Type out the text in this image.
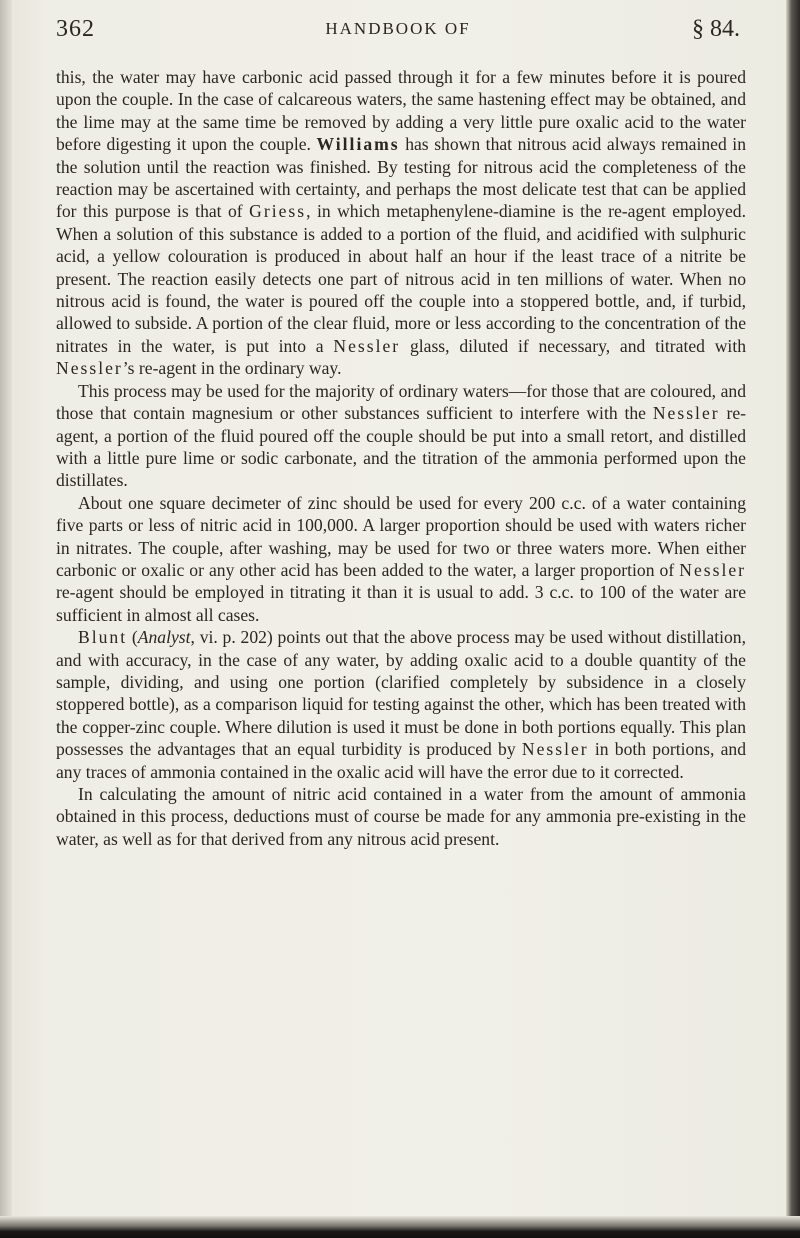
362	HANDBOOK OF	§ 84.

this, the water may have carbonic acid passed through it for a few minutes before it is poured upon the couple. In the case of calcareous waters, the same hastening effect may be obtained, and the lime may at the same time be removed by adding a very little pure oxalic acid to the water before digesting it upon the couple. Williams has shown that nitrous acid always remained in the solution until the reaction was finished. By testing for nitrous acid the completeness of the reaction may be ascertained with certainty, and perhaps the most delicate test that can be applied for this purpose is that of Griess, in which metaphenylene-diamine is the re-agent employed. When a solution of this substance is added to a portion of the fluid, and acidified with sulphuric acid, a yellow colouration is produced in about half an hour if the least trace of a nitrite be present. The reaction easily detects one part of nitrous acid in ten millions of water. When no nitrous acid is found, the water is poured off the couple into a stoppered bottle, and, if turbid, allowed to subside. A portion of the clear fluid, more or less according to the concentration of the nitrates in the water, is put into a Nessler glass, diluted if necessary, and titrated with Nessler’s re-agent in the ordinary way.

This process may be used for the majority of ordinary waters—for those that are coloured, and those that contain magnesium or other substances sufficient to interfere with the Nessler re-agent, a portion of the fluid poured off the couple should be put into a small retort, and distilled with a little pure lime or sodic carbonate, and the titration of the ammonia performed upon the distillates.

About one square decimeter of zinc should be used for every 200 c.c. of a water containing five parts or less of nitric acid in 100,000. A larger proportion should be used with waters richer in nitrates. The couple, after washing, may be used for two or three waters more. When either carbonic or oxalic or any other acid has been added to the water, a larger proportion of Nessler re-agent should be employed in titrating it than it is usual to add. 3 c.c. to 100 of the water are sufficient in almost all cases.

Blunt (Analyst, vi. p. 202) points out that the above process may be used without distillation, and with accuracy, in the case of any water, by adding oxalic acid to a double quantity of the sample, dividing, and using one portion (clarified completely by subsidence in a closely stoppered bottle), as a comparison liquid for testing against the other, which has been treated with the copper-zinc couple. Where dilution is used it must be done in both portions equally. This plan possesses the advantages that an equal turbidity is produced by Nessler in both portions, and any traces of ammonia contained in the oxalic acid will have the error due to it corrected.

In calculating the amount of nitric acid contained in a water from the amount of ammonia obtained in this process, deductions must of course be made for any ammonia pre-existing in the water, as well as for that derived from any nitrous acid present.
